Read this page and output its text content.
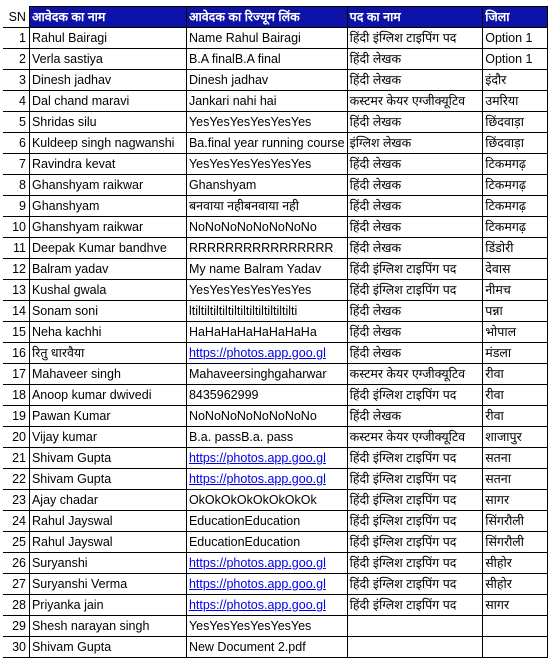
SN	आवेदक का नाम	आवेदक का रिज्यूम लिंक	पद का नाम	जिला
1	Rahul Bairagi	Name Rahul Bairagi	हिंदी इंग्लिश टाइपिंग पद	Option 1
2	Verla sastiya	B.A finalB.A final	हिंदी लेखक	Option 1
3	Dinesh jadhav	Dinesh jadhav	हिंदी लेखक	इंदौर
4	Dal chand maravi	Jankari nahi hai	कस्टमर केयर एग्जीक्यूटिव	उमरिया
5	Shridas silu	YesYesYesYesYesYes	हिंदी लेखक	छिंदवाड़ा
6	Kuldeep singh nagwanshi	Ba.final year running course	इंग्लिश लेखक	छिंदवाड़ा
7	Ravindra kevat	YesYesYesYesYesYes	हिंदी लेखक	टिकमगढ़
8	Ghanshyam raikwar	Ghanshyam	हिंदी लेखक	टिकमगढ़
9	Ghanshyam	बनवाया नहीबनवाया नही	हिंदी लेखक	टिकमगढ़
10	Ghanshyam raikwar	NoNoNoNoNoNoNoNo	हिंदी लेखक	टिकमगढ़
11	Deepak Kumar bandhve	RRRRRRRRRRRRRRRR	हिंदी लेखक	डिंडोरी
12	Balram yadav	My name Balram Yadav	हिंदी इंग्लिश टाइपिंग पद	देवास
13	Kushal gwala	YesYesYesYesYesYes	हिंदी इंग्लिश टाइपिंग पद	नीमच
14	Sonam soni	ltiltiltiltiltiltiltiltiltiltiltilti	हिंदी लेखक	पन्ना
15	Neha kachhi	HaHaHaHaHaHaHaHa	हिंदी लेखक	भोपाल
16	रितु धारवैया	https://photos.app.goo.gl	हिंदी लेखक	मंडला
17	Mahaveer singh	Mahaveersinghgaharwar	कस्टमर केयर एग्जीक्यूटिव	रीवा
18	Anoop kumar dwivedi	8435962999	हिंदी इंग्लिश टाइपिंग पद	रीवा
19	Pawan Kumar	NoNoNoNoNoNoNoNo	हिंदी लेखक	रीवा
20	Vijay kumar	B.a. passB.a. pass	कस्टमर केयर एग्जीक्यूटिव	शाजापुर
21	Shivam Gupta	https://photos.app.goo.gl	हिंदी इंग्लिश टाइपिंग पद	सतना
22	Shivam Gupta	https://photos.app.goo.gl	हिंदी इंग्लिश टाइपिंग पद	सतना
23	Ajay chadar	OkOkOkOkOkOkOkOk	हिंदी इंग्लिश टाइपिंग पद	सागर
24	Rahul Jayswal	EducationEducation	हिंदी इंग्लिश टाइपिंग पद	सिंगरौली
25	Rahul Jayswal	EducationEducation	हिंदी इंग्लिश टाइपिंग पद	सिंगरौली
26	Suryanshi	https://photos.app.goo.gl	हिंदी इंग्लिश टाइपिंग पद	सीहोर
27	Suryanshi Verma	https://photos.app.goo.gl	हिंदी इंग्लिश टाइपिंग पद	सीहोर
28	Priyanka jain	https://photos.app.goo.gl	हिंदी इंग्लिश टाइपिंग पद	सागर
29	Shesh narayan singh	YesYesYesYesYesYes		
30	Shivam Gupta	New Document 2.pdf		
